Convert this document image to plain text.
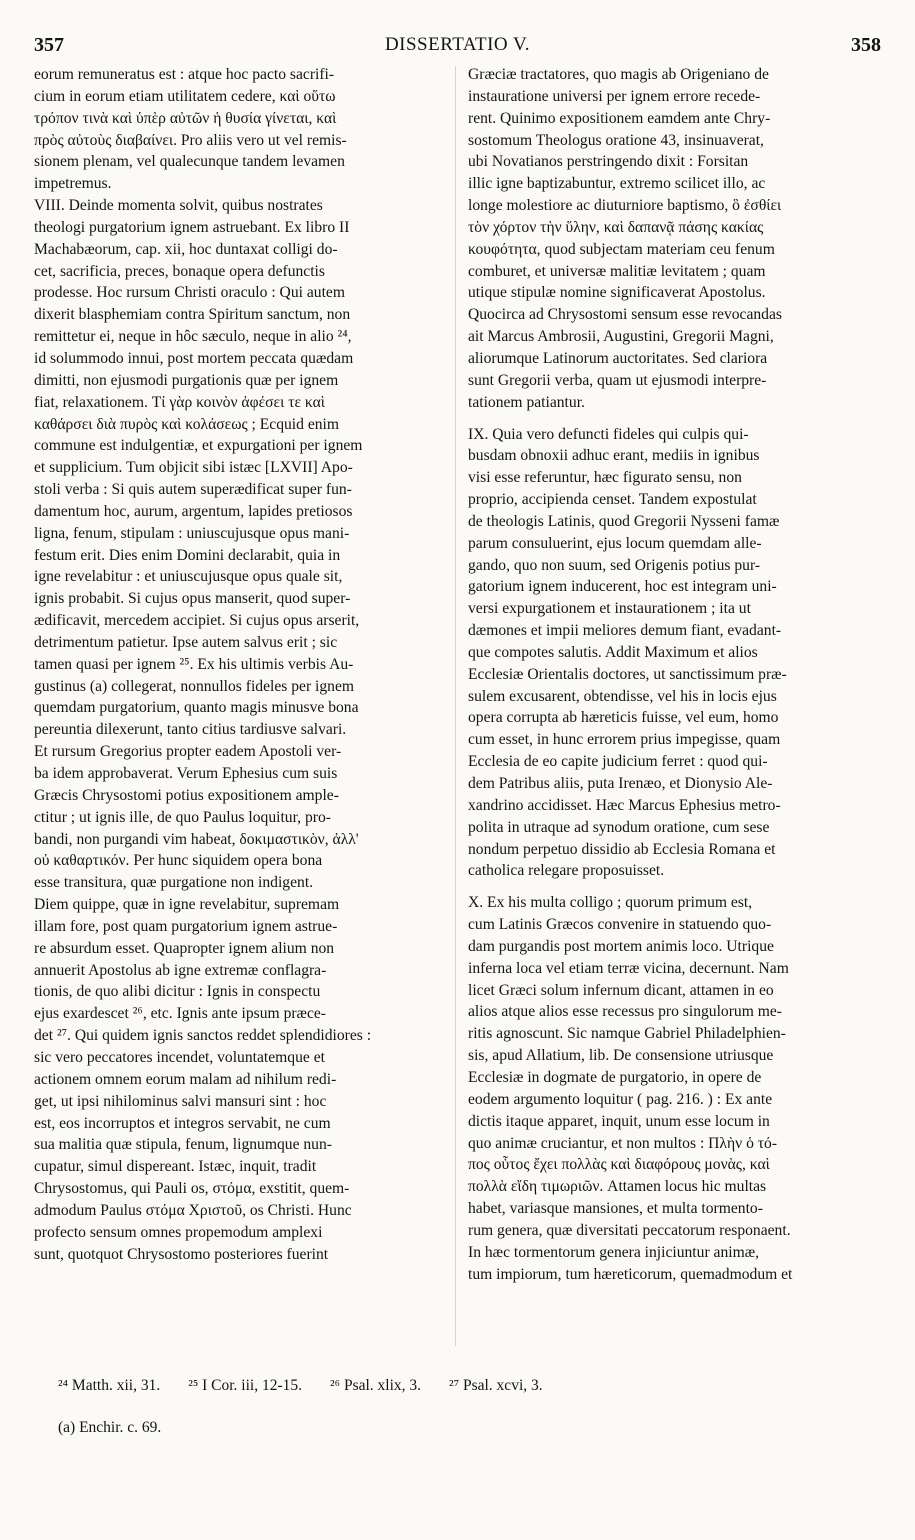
357	DISSERTATIO V.	358
eorum remuneratus est : atque hoc pacto sacrifi-
cium in eorum etiam utilitatem cedere, καὶ οὕτω
τρόπον τινὰ καὶ ὑπὲρ αὐτῶν ἡ θυσία γίνεται, καὶ
πρὸς αὐτοὺς διαβαίνει. Pro aliis vero ut vel remis-
sionem plenam, vel qualecunque tandem levamen
impetremus.
VIII. Deinde momenta solvit, quibus nostrates
theologi purgatorium ignem astruebant. Ex libro II
Machabæorum, cap. xii, hoc duntaxat colligi do-
cet, sacrificia, preces, bonaque opera defunctis
prodesse. Hoc rursum Christi oraculo : Qui autem
dixerit blasphemiam contra Spiritum sanctum, non
remittetur ei, neque in hôc sæculo, neque in alio ²⁴,
id solummodo innui, post mortem peccata quædam
dimitti, non ejusmodi purgationis quæ per ignem
fiat, relaxationem. Τί γὰρ κοινὸν ἀφέσει τε καὶ
καθάρσει διὰ πυρὸς καὶ κολάσεως ; Ecquid enim
commune est indulgentiæ, et expurgationi per ignem
et supplicium. Tum objicit sibi istæc [LXVII] Apo-
stoli verba : Si quis autem superædificat super fun-
damentum hoc, aurum, argentum, lapides pretiosos
ligna, fenum, stipulam : uniuscujusque opus mani-
festum erit. Dies enim Domini declarabit, quia in
igne revelabitur : et uniuscujusque opus quale sit,
ignis probabit. Si cujus opus manserit, quod super-
ædificavit, mercedem accipiet. Si cujus opus arserit,
detrimentum patietur. Ipse autem salvus erit ; sic
tamen quasi per ignem ²⁵. Ex his ultimis verbis Au-
gustinus (a) collegerat, nonnullos fideles per ignem
quemdam purgatorium, quanto magis minusve bona
pereuntia dilexerunt, tanto citius tardiusve salvari.
Et rursum Gregorius propter eadem Apostoli ver-
ba idem approbaverat. Verum Ephesius cum suis
Græcis Chrysostomi potius expositionem ample-
ctitur ; ut ignis ille, de quo Paulus loquitur, pro-
bandi, non purgandi vim habeat, δοκιμαστικὸν, ἀλλ'
οὐ καθαρτικόν. Per hunc siquidem opera bona
esse transitura, quæ purgatione non indigent.
Diem quippe, quæ in igne revelabitur, supremam
illam fore, post quam purgatorium ignem astrue-
re absurdum esset. Quapropter ignem alium non
annuerit Apostolus ab igne extremæ conflagra-
tionis, de quo alibi dicitur : Ignis in conspectu
ejus exardescet ²⁶, etc. Ignis ante ipsum præce-
det ²⁷. Qui quidem ignis sanctos reddet splendidiores :
sic vero peccatores incendet, voluntatemque et
actionem omnem eorum malam ad nihilum redi-
get, ut ipsi nihilominus salvi mansuri sint : hoc
est, eos incorruptos et integros servabit, ne cum
sua malitia quæ stipula, fenum, lignumque nun-
cupatur, simul dispereant. Istæc, inquit, tradit
Chrysostomus, qui Pauli os, στόμα, exstitit, quem-
admodum Paulus στόμα Χριστοῦ, os Christi. Hunc
profecto sensum omnes propemodum amplexi
sunt, quotquot Chrysostomo posteriores fuerint
Græciæ tractatores, quo magis ab Origeniano de
instauratione universi per ignem errore recede-
rent. Quinimo expositionem eamdem ante Chry-
sostomum Theologus oratione 43, insinuaverat,
ubi Novatianos perstringendo dixit : Forsitan
illic igne baptizabuntur, extremo scilicet illo, ac
longe molestiore ac diuturniore baptismo, ὃ ἐσθίει
τὸν χόρτον τὴν ὕλην, καὶ δαπανᾷ πάσης κακίας
κουφότητα, quod subjectam materiam ceu fenum
comburet, et universæ malitiæ levitatem ; quam
utique stipulæ nomine significaverat Apostolus.
Quocirca ad Chrysostomi sensum esse revocandas
ait Marcus Ambrosii, Augustini, Gregorii Magni,
aliorumque Latinorum auctoritates. Sed clariora
sunt Gregorii verba, quam ut ejusmodi interpre-
tationem patiantur.
IX. Quia vero defuncti fideles qui culpis qui-
busdam obnoxii adhuc erant, mediis in ignibus
visi esse referuntur, hæc figurato sensu, non
proprio, accipienda censet. Tandem expostulat
de theologis Latinis, quod Gregorii Nysseni famæ
parum consuluerint, ejus locum quemdam alle-
gando, quo non suum, sed Origenis potius pur-
gatorium ignem inducerent, hoc est integram uni-
versi expurgationem et instaurationem ; ita ut
dæmones et impii meliores demum fiant, evadant-
que compotes salutis. Addit Maximum et alios
Ecclesiæ Orientalis doctores, ut sanctissimum præ-
sulem excusarent, obtendisse, vel his in locis ejus
opera corrupta ab hæreticis fuisse, vel eum, homo
cum esset, in hunc errorem prius impegisse, quam
Ecclesia de eo capite judicium ferret : quod qui-
dem Patribus aliis, puta Irenæo, et Dionysio Ale-
xandrino accidisset. Hæc Marcus Ephesius metro-
polita in utraque ad synodum oratione, cum sese
nondum perpetuo dissidio ab Ecclesia Romana et
catholica relegare proposuisset.
X. Ex his multa colligo ; quorum primum est,
cum Latinis Græcos convenire in statuendo quo-
dam purgandis post mortem animis loco. Utrique
inferna loca vel etiam terræ vicina, decernunt. Nam
licet Græci solum infernum dicant, attamen in eo
alios atque alios esse recessus pro singulorum me-
ritis agnoscunt. Sic namque Gabriel Philadelphien-
sis, apud Allatium, lib. De consensione utriusque
Ecclesiæ in dogmate de purgatorio, in opere de
eodem argumento loquitur ( pag. 216. ) : Ex ante
dictis itaque apparet, inquit, unum esse locum in
quo animæ cruciantur, et non multos : Πλὴν ὁ τό-
πος οὗτος ἔχει πολλὰς καὶ διαφόρους μονὰς, καὶ
πολλὰ εἴδη τιμωριῶν. Attamen locus hic multas
habet, variasque mansiones, et multa tormento-
rum genera, quæ diversitati peccatorum responaent.
In hæc tormentorum genera injiciuntur animæ,
tum impiorum, tum hæreticorum, quemadmodum et
²⁴ Matth. xii, 31. ²⁵ I Cor. iii, 12-15. ²⁶ Psal. xlix, 3. ²⁷ Psal. xcvi, 3.
(a) Enchir. c. 69.
